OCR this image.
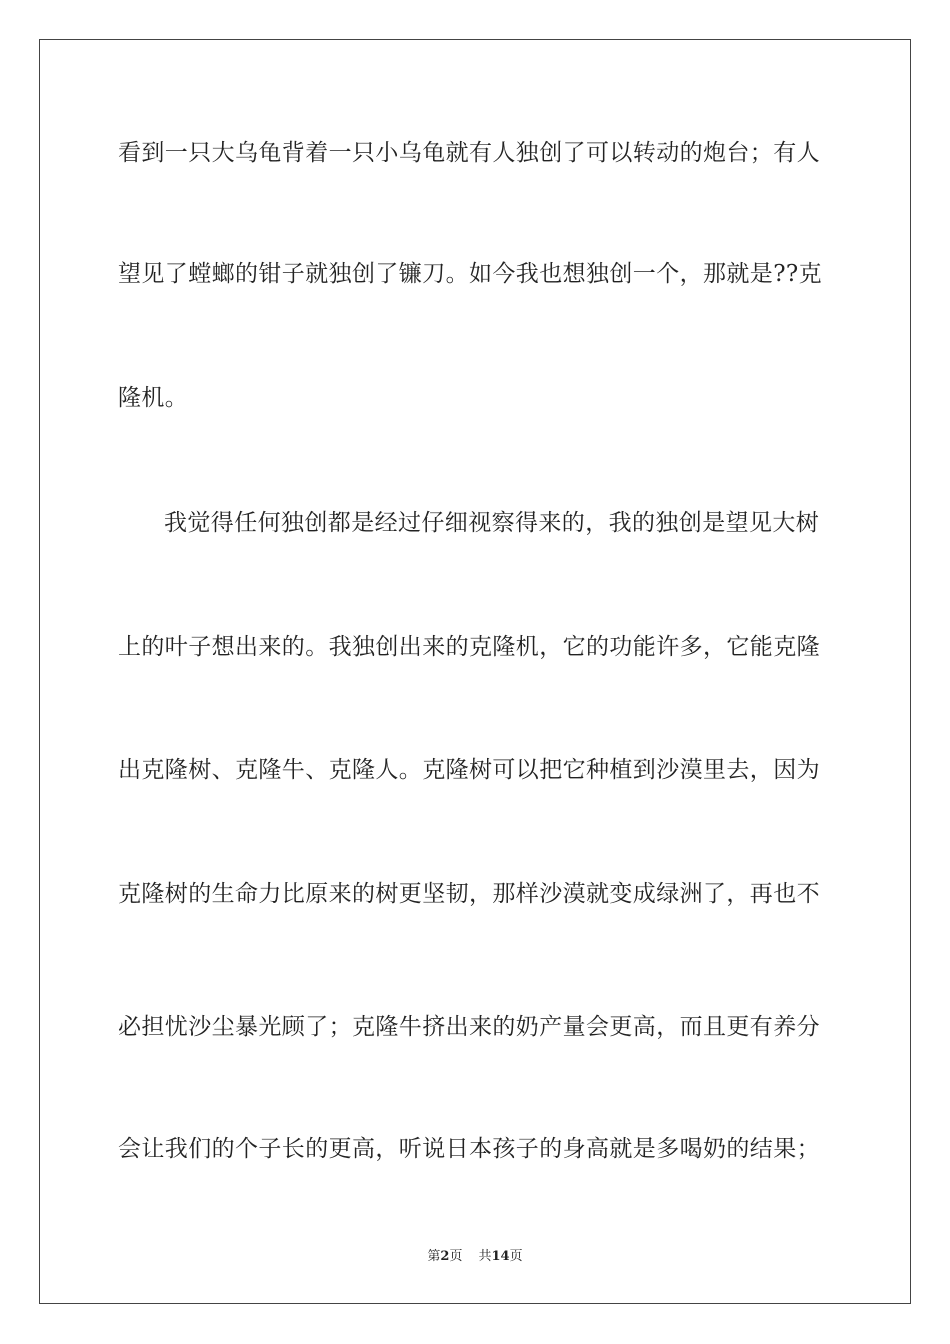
看到一只大乌龟背着一只小乌龟就有人独创了可以转动的炮台；有人
望见了螳螂的钳子就独创了镰刀。如今我也想独创一个，那就是??克
隆机。
我觉得任何独创都是经过仔细视察得来的，我的独创是望见大树
上的叶子想出来的。我独创出来的克隆机，它的功能许多，它能克隆
出克隆树、克隆牛、克隆人。克隆树可以把它种植到沙漠里去，因为
克隆树的生命力比原来的树更坚韧，那样沙漠就变成绿洲了，再也不
必担忧沙尘暴光顾了；克隆牛挤出来的奶产量会更高，而且更有养分
会让我们的个子长的更高，听说日本孩子的身高就是多喝奶的结果；
第2页 共14页
